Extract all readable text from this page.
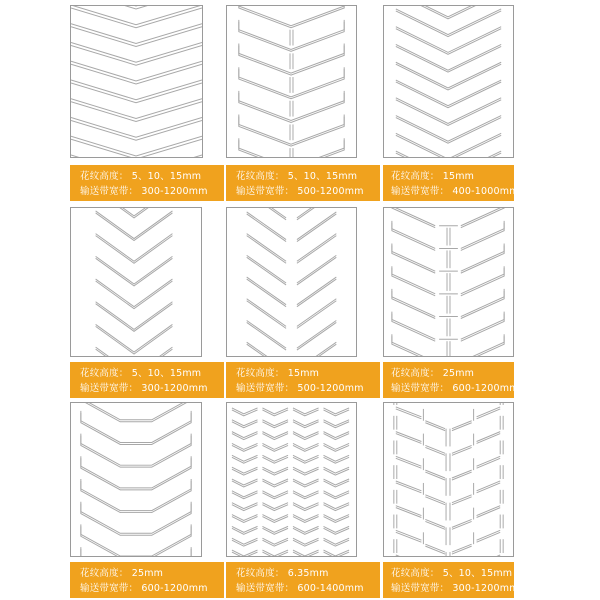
花纹高度： 5、10、15mm
输送带宽带： 300-1200mm
花纹高度： 5、10、15mm
输送带宽带： 500-1200mm
花纹高度： 15mm
输送带宽带： 400-1000mm
花纹高度： 5、10、15mm
输送带宽带： 300-1200mm
花纹高度： 15mm
输送带宽带： 500-1200mm
花纹高度： 25mm
输送带宽带： 600-1200mm
花纹高度： 25mm
输送带宽带： 600-1200mm
花纹高度： 6.35mm
输送带宽带： 600-1400mm
花纹高度： 5、10、15mm
输送带宽带： 300-1200mm
